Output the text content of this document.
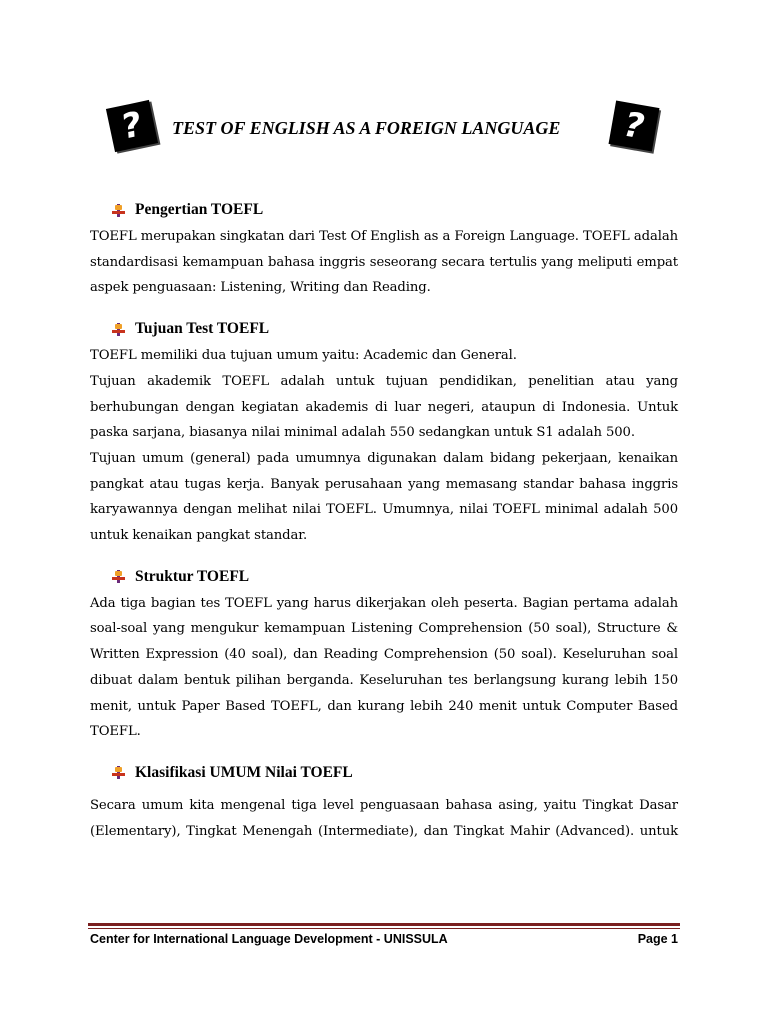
? TEST OF ENGLISH AS A FOREIGN LANGUAGE	?
Pengertian TOEFL
TOEFL merupakan singkatan dari Test Of English as a Foreign Language. TOEFL adalah standardisasi kemampuan bahasa inggris seseorang secara tertulis yang meliputi empat aspek penguasaan: Listening, Writing dan Reading.
Tujuan Test TOEFL
TOEFL memiliki dua tujuan umum yaitu: Academic dan General.
Tujuan akademik TOEFL adalah untuk tujuan pendidikan, penelitian atau yang berhubungan dengan kegiatan akademis di luar negeri, ataupun di Indonesia. Untuk paska sarjana, biasanya nilai minimal adalah 550 sedangkan untuk S1 adalah 500.
Tujuan umum (general) pada umumnya digunakan dalam bidang pekerjaan, kenaikan pangkat atau tugas kerja. Banyak perusahaan yang memasang standar bahasa inggris karyawannya dengan melihat nilai TOEFL. Umumnya, nilai TOEFL minimal adalah 500 untuk kenaikan pangkat standar.
Struktur TOEFL
Ada tiga bagian tes TOEFL yang harus dikerjakan oleh peserta. Bagian pertama adalah soal-soal yang mengukur kemampuan Listening Comprehension (50 soal), Structure & Written Expression (40 soal), dan Reading Comprehension (50 soal). Keseluruhan soal dibuat dalam bentuk pilihan berganda. Keseluruhan tes berlangsung kurang lebih 150 menit, untuk Paper Based TOEFL, dan kurang lebih 240 menit untuk Computer Based TOEFL.
Klasifikasi UMUM Nilai TOEFL
Secara umum kita mengenal tiga level penguasaan bahasa asing, yaitu Tingkat Dasar (Elementary), Tingkat Menengah (Intermediate), dan Tingkat Mahir (Advanced). untuk
Center for International Language Development - UNISSULA	Page 1
